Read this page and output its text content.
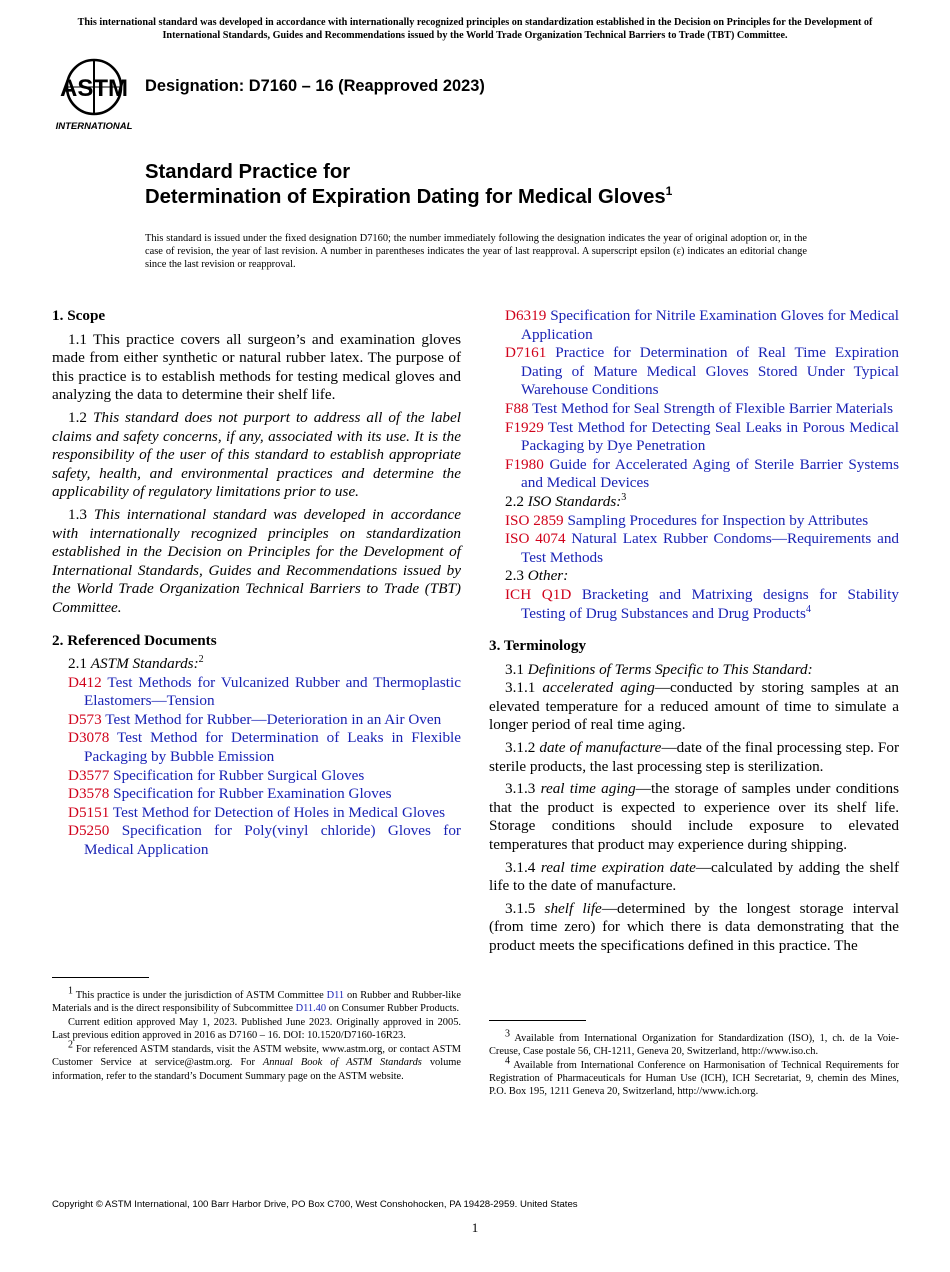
This international standard was developed in accordance with internationally recognized principles on standardization established in the Decision on Principles for the Development of International Standards, Guides and Recommendations issued by the World Trade Organization Technical Barriers to Trade (TBT) Committee.
ASTM
INTERNATIONAL
Designation: D7160 – 16 (Reapproved 2023)
Standard Practice for
Determination of Expiration Dating for Medical Gloves$^1$
This standard is issued under the fixed designation D7160; the number immediately following the designation indicates the year of original adoption or, in the case of revision, the year of last revision. A number in parentheses indicates the year of last reapproval. A superscript epsilon (ε) indicates an editorial change since the last revision or reapproval.
1. Scope

1.1 This practice covers all surgeon’s and examination gloves made from either synthetic or natural rubber latex. The purpose of this practice is to establish methods for testing medical gloves and analyzing the data to determine their shelf life.

1.2 This standard does not purport to address all of the label claims and safety concerns, if any, associated with its use. It is the responsibility of the user of this standard to establish appropriate safety, health, and environmental practices and determine the applicability of regulatory limitations prior to use.

1.3 This international standard was developed in accordance with internationally recognized principles on standardization established in the Decision on Principles for the Development of International Standards, Guides and Recommendations issued by the World Trade Organization Technical Barriers to Trade (TBT) Committee.

2. Referenced Documents

2.1 ASTM Standards:$^2$

D412 Test Methods for Vulcanized Rubber and Thermoplastic Elastomers—Tension
D573 Test Method for Rubber—Deterioration in an Air Oven
D3078 Test Method for Determination of Leaks in Flexible Packaging by Bubble Emission
D3577 Specification for Rubber Surgical Gloves
D3578 Specification for Rubber Examination Gloves
D5151 Test Method for Detection of Holes in Medical Gloves
D5250 Specification for Poly(vinyl chloride) Gloves for Medical Application

$^1$ This practice is under the jurisdiction of ASTM Committee D11 on Rubber and Rubber-like Materials and is the direct responsibility of Subcommittee D11.40 on Consumer Rubber Products.

Current edition approved May 1, 2023. Published June 2023. Originally approved in 2005. Last previous edition approved in 2016 as D7160 – 16. DOI: 10.1520/D7160-16R23.

$^2$ For referenced ASTM standards, visit the ASTM website, www.astm.org, or contact ASTM Customer Service at service@astm.org. For Annual Book of ASTM Standards volume information, refer to the standard’s Document Summary page on the ASTM website.

D6319 Specification for Nitrile Examination Gloves for Medical Application
D7161 Practice for Determination of Real Time Expiration Dating of Mature Medical Gloves Stored Under Typical Warehouse Conditions
F88 Test Method for Seal Strength of Flexible Barrier Materials
F1929 Test Method for Detecting Seal Leaks in Porous Medical Packaging by Dye Penetration
F1980 Guide for Accelerated Aging of Sterile Barrier Systems and Medical Devices

2.2 ISO Standards:$^3$

ISO 2859 Sampling Procedures for Inspection by Attributes
ISO 4074 Natural Latex Rubber Condoms—Requirements and Test Methods

2.3 Other:

ICH Q1D Bracketing and Matrixing designs for Stability Testing of Drug Substances and Drug Products$^4$
3. Terminology

3.1 Definitions of Terms Specific to This Standard:

3.1.1 accelerated aging—conducted by storing samples at an elevated temperature for a reduced amount of time to simulate a longer period of real time aging.

3.1.2 date of manufacture—date of the final processing step. For sterile products, the last processing step is sterilization.

3.1.3 real time aging—the storage of samples under conditions that the product is expected to experience over its shelf life. Storage conditions should include exposure to elevated temperatures that product may experience during shipping.

3.1.4 real time expiration date—calculated by adding the shelf life to the date of manufacture.

3.1.5 shelf life—determined by the longest storage interval (from time zero) for which there is data demonstrating that the product meets the specifications defined in this practice. The

$^3$ Available from International Organization for Standardization (ISO), 1, ch. de la Voie-Creuse, Case postale 56, CH-1211, Geneva 20, Switzerland, http://www.iso.ch.

$^4$ Available from International Conference on Harmonisation of Technical Requirements for Registration of Pharmaceuticals for Human Use (ICH), ICH Secretariat, 9, chemin des Mines, P.O. Box 195, 1211 Geneva 20, Switzerland, http://www.ich.org.

Copyright © ASTM International, 100 Barr Harbor Drive, PO Box C700, West Conshohocken, PA 19428-2959. United States
1
